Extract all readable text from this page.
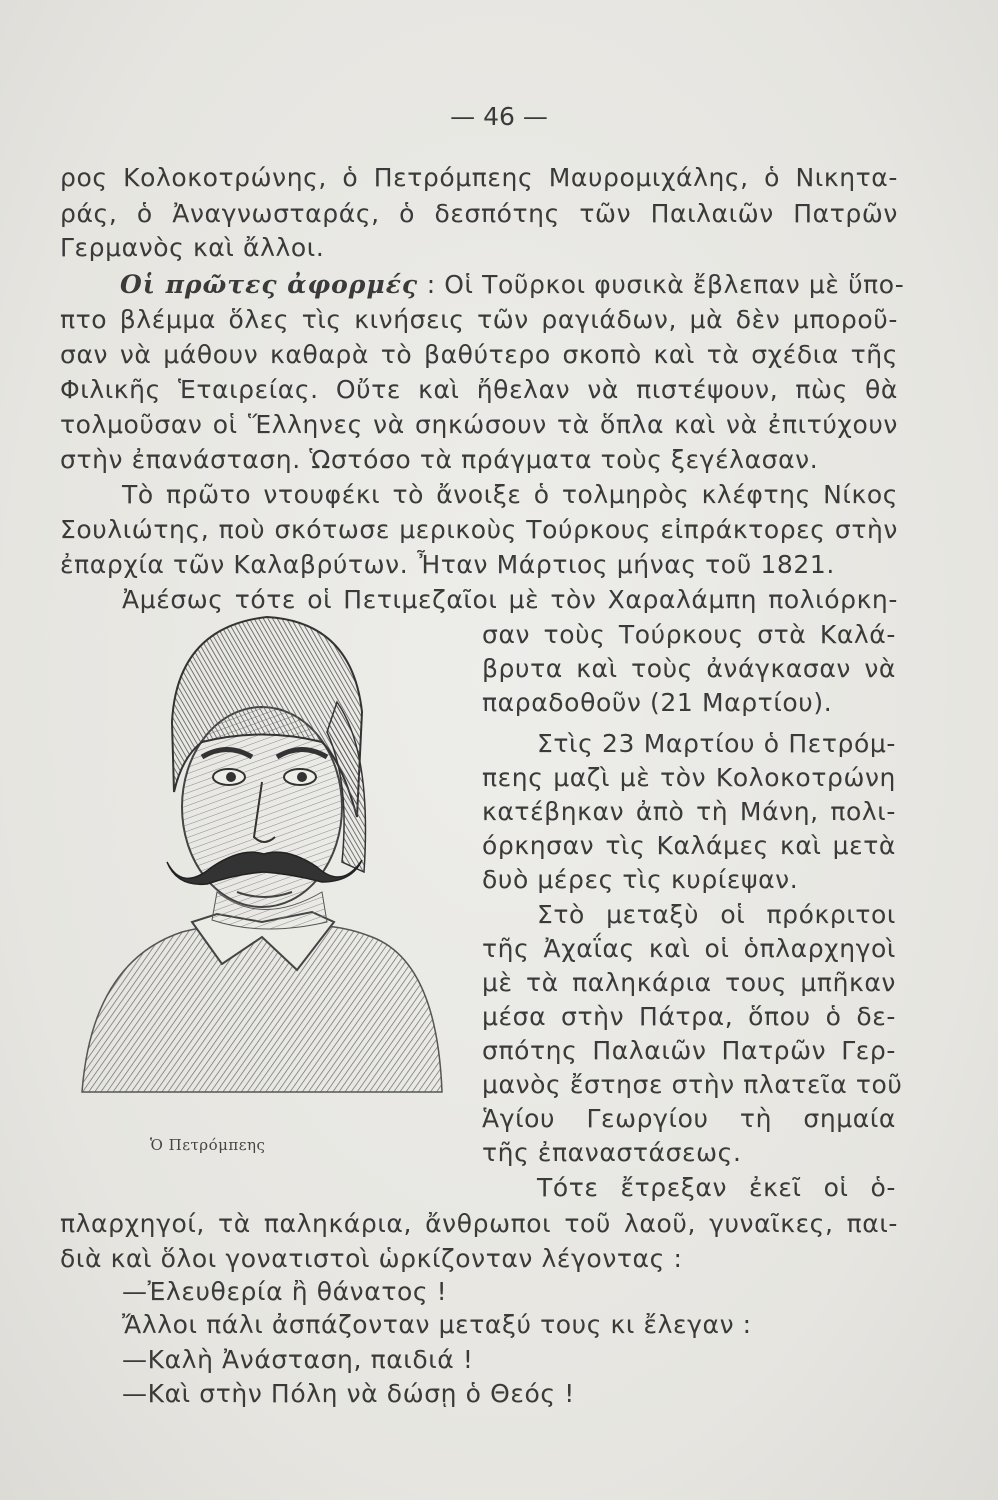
— 46 —
ρος Κολοκοτρώνης, ὁ Πετρόμπεης Μαυρομιχάλης, ὁ Νικητα-
ράς, ὁ Ἀναγνωσταράς, ὁ δεσπότης τῶν Παιλαιῶν Πατρῶν
Γερμανὸς καὶ ἄλλοι.
Οἱ πρῶτες ἀφορμές : Οἱ Τοῦρκοι φυσικὰ ἔβλεπαν μὲ ὕπο-
πτο βλέμμα ὅλες τὶς κινήσεις τῶν ραγιάδων, μὰ δὲν μποροῦ-
σαν νὰ μάθουν καθαρὰ τὸ βαθύτερο σκοπὸ καὶ τὰ σχέδια τῆς
Φιλικῆς Ἑταιρείας. Οὔτε καὶ ἤθελαν νὰ πιστέψουν, πὼς θὰ
τολμοῦσαν οἱ Ἕλληνες νὰ σηκώσουν τὰ ὅπλα καὶ νὰ ἐπιτύχουν
στὴν ἐπανάσταση. Ὡστόσο τὰ πράγματα τοὺς ξεγέλασαν.
Τὸ πρῶτο ντουφέκι τὸ ἄνοιξε ὁ τολμηρὸς κλέφτης Νίκος
Σουλιώτης, ποὺ σκότωσε μερικοὺς Τούρκους εἰπράκτορες στὴν
ἐπαρχία τῶν Καλαβρύτων. Ἦταν Μάρτιος μήνας τοῦ 1821.
Ἀμέσως τότε οἱ Πετιμεζαῖοι μὲ τὸν Χαραλάμπη πολιόρκη-
Ὁ Πετρόμπεης
σαν τοὺς Τούρκους στὰ Καλά-
βρυτα καὶ τοὺς ἀνάγκασαν νὰ
παραδοθοῦν (21 Μαρτίου).
Στὶς 23 Μαρτίου ὁ Πετρόμ-
πεης μαζὶ μὲ τὸν Κολοκοτρώνη
κατέβηκαν ἀπὸ τὴ Μάνη, πολι-
όρκησαν τὶς Καλάμες καὶ μετὰ
δυὸ μέρες τὶς κυρίεψαν.
Στὸ μεταξὺ οἱ πρόκριτοι
τῆς Ἀχαΐας καὶ οἱ ὁπλαρχηγοὶ
μὲ τὰ παληκάρια τους μπῆκαν
μέσα στὴν Πάτρα, ὅπου ὁ δε-
σπότης Παλαιῶν Πατρῶν Γερ-
μανὸς ἔστησε στὴν πλατεῖα τοῦ
Ἁγίου Γεωργίου τὴ σημαία
τῆς ἐπαναστάσεως.
Τότε ἔτρεξαν ἐκεῖ οἱ ὁ-
πλαρχηγοί, τὰ παληκάρια, ἄνθρωποι τοῦ λαοῦ, γυναῖκες, παι-
διὰ καὶ ὅλοι γονατιστοὶ ὡρκίζονταν λέγοντας :
—Ἐλευθερία ἢ θάνατος !
Ἄλλοι πάλι ἀσπάζονταν μεταξύ τους κι ἔλεγαν :
—Καλὴ Ἀνάσταση, παιδιά !
—Καὶ στὴν Πόλη νὰ δώσῃ ὁ Θεός !
